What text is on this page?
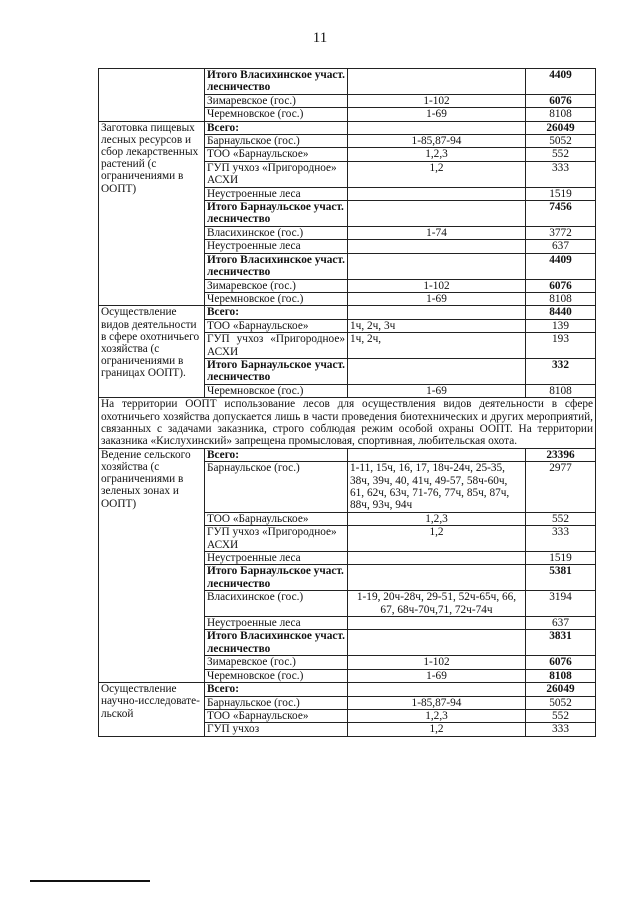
11
	Итого Власихинское участ. лесничество		4409
	Зимаревское (гос.)	1-102	6076
	Черемновское (гос.)	1-69	8108
Заготовка пищевых лесных ресурсов и сбор лекарственных растений (с ограничениями в ООПТ)	Всего:		26049
	Барнаульское (гос.)	1-85,87-94	5052
	ТОО «Барнаульское»	1,2,3	552
	ГУП учхоз «Пригородное» АСХИ	1,2	333
	Неустроенные леса		1519
	Итого Барнаульское участ. лесничество		7456
	Власихинское (гос.)	1-74	3772
	Неустроенные леса		637
	Итого Власихинское участ. лесничество		4409
	Зимаревское (гос.)	1-102	6076
	Черемновское (гос.)	1-69	8108
Осуществление видов деятельности в сфере охотничьего хозяйства (с ограничениями в границах ООПТ).	Всего:		8440
	ТОО «Барнаульское»	1ч, 2ч, 3ч	139
	ГУП учхоз «Пригородное» АСХИ	1ч, 2ч,	193
	Итого Барнаульское участ. лесничество		332
	Черемновское (гос.)	1-69	8108
На территории ООПТ использование лесов для осуществления видов деятельности в сфере охотничьего хозяйства допускается лишь в части проведения биотехнических и других мероприятий, связанных с задачами заказника, строго соблюдая режим особой охраны ООПТ. На территории заказника «Кислухинский» запрещена промысловая, спортивная, любительская охота.			
Ведение сельского хозяйства (с ограничениями в зеленых зонах и ООПТ)	Всего:		23396
	Барнаульское (гос.)	1-11, 15ч, 16, 17, 18ч-24ч, 25-35, 38ч, 39ч, 40, 41ч, 49-57, 58ч-60ч, 61, 62ч, 63ч, 71-76, 77ч, 85ч, 87ч, 88ч, 93ч, 94ч	2977
	ТОО «Барнаульское»	1,2,3	552
	ГУП учхоз «Пригородное» АСХИ	1,2	333
	Неустроенные леса		1519
	Итого Барнаульское участ. лесничество		5381
	Власихинское (гос.)	1-19, 20ч-28ч, 29-51, 52ч-65ч, 66, 67, 68ч-70ч,71, 72ч-74ч	3194
	Неустроенные леса		637
	Итого Власихинское участ. лесничество		3831
	Зимаревское (гос.)	1-102	6076
	Черемновское (гос.)	1-69	8108
Осуществление научно-исследовате-льской	Всего:		26049
	Барнаульское (гос.)	1-85,87-94	5052
	ТОО «Барнаульское»	1,2,3	552
	ГУП учхоз	1,2	333
